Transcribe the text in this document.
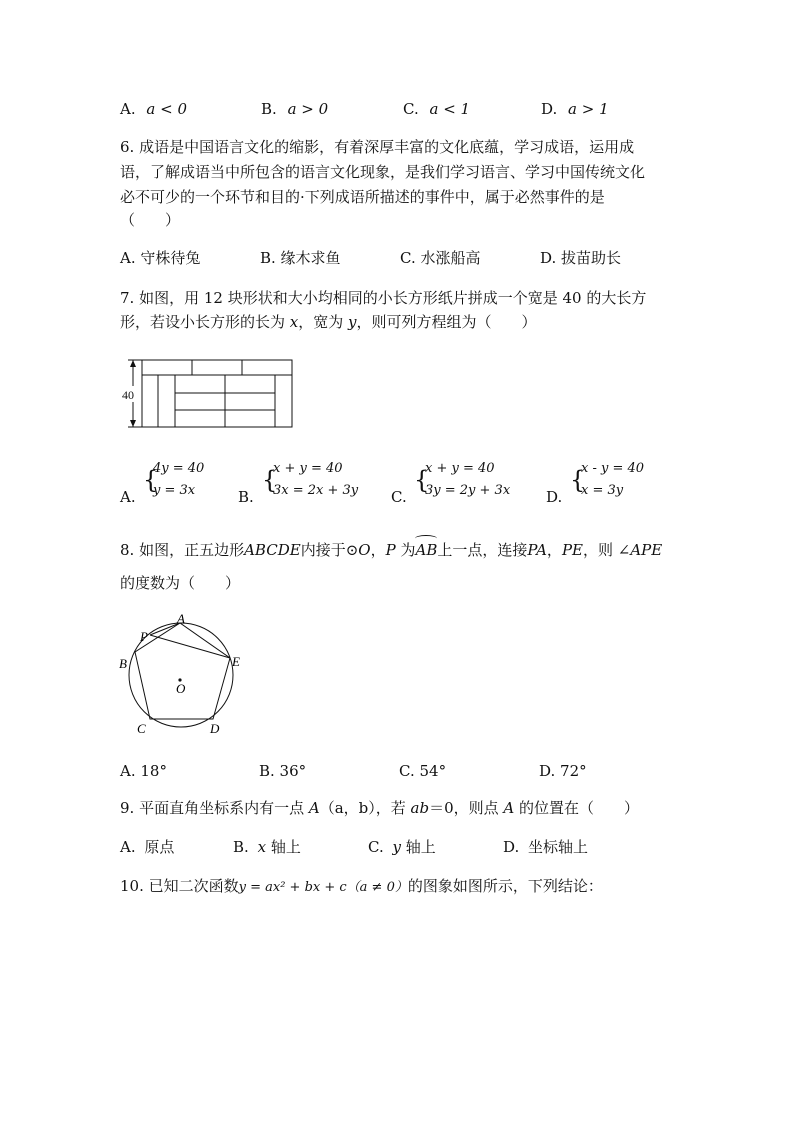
A. a < 0	B. a > 0	C. a < 1	D. a > 1
6. 成语是中国语言文化的缩影，有着深厚丰富的文化底蕴，学习成语，运用成
语，了解成语当中所包含的语言文化现象，是我们学习语言、学习中国传统文化
必不可少的一个环节和目的·下列成语所描述的事件中，属于必然事件的是
（　　）
A. 守株待兔	B. 缘木求鱼	C. 水涨船高	D. 拔苗助长
7. 如图，用 12 块形状和大小均相同的小长方形纸片拼成一个宽是 40 的大长方
形，若设小长方形的长为 x，宽为 y，则可列方程组为（　　）
40
A.
{
4y = 40
y = 3x	B.
{
x + y = 40
3x = 2x + 3y C.
{
x + y = 40
3y = 2y + 3x D.
{
x - y = 40
x = 3y
8. 如图，正五边形ABCDE内接于⊙O，P 为
AB上一点，连接PA，PE，则 ∠APE
的度数为（　　）
A
P
B	E
C	D
O
A. 18°	B. 36°	C. 54°	D. 72°
9. 平面直角坐标系内有一点 A（a，b），若 ab＝0，则点 A 的位置在（　　）
A. 原点	B. x 轴上	C. y 轴上	D. 坐标轴上
10. 已知二次函数y = ax² + bx + c（a ≠ 0）的图象如图所示，下列结论：
